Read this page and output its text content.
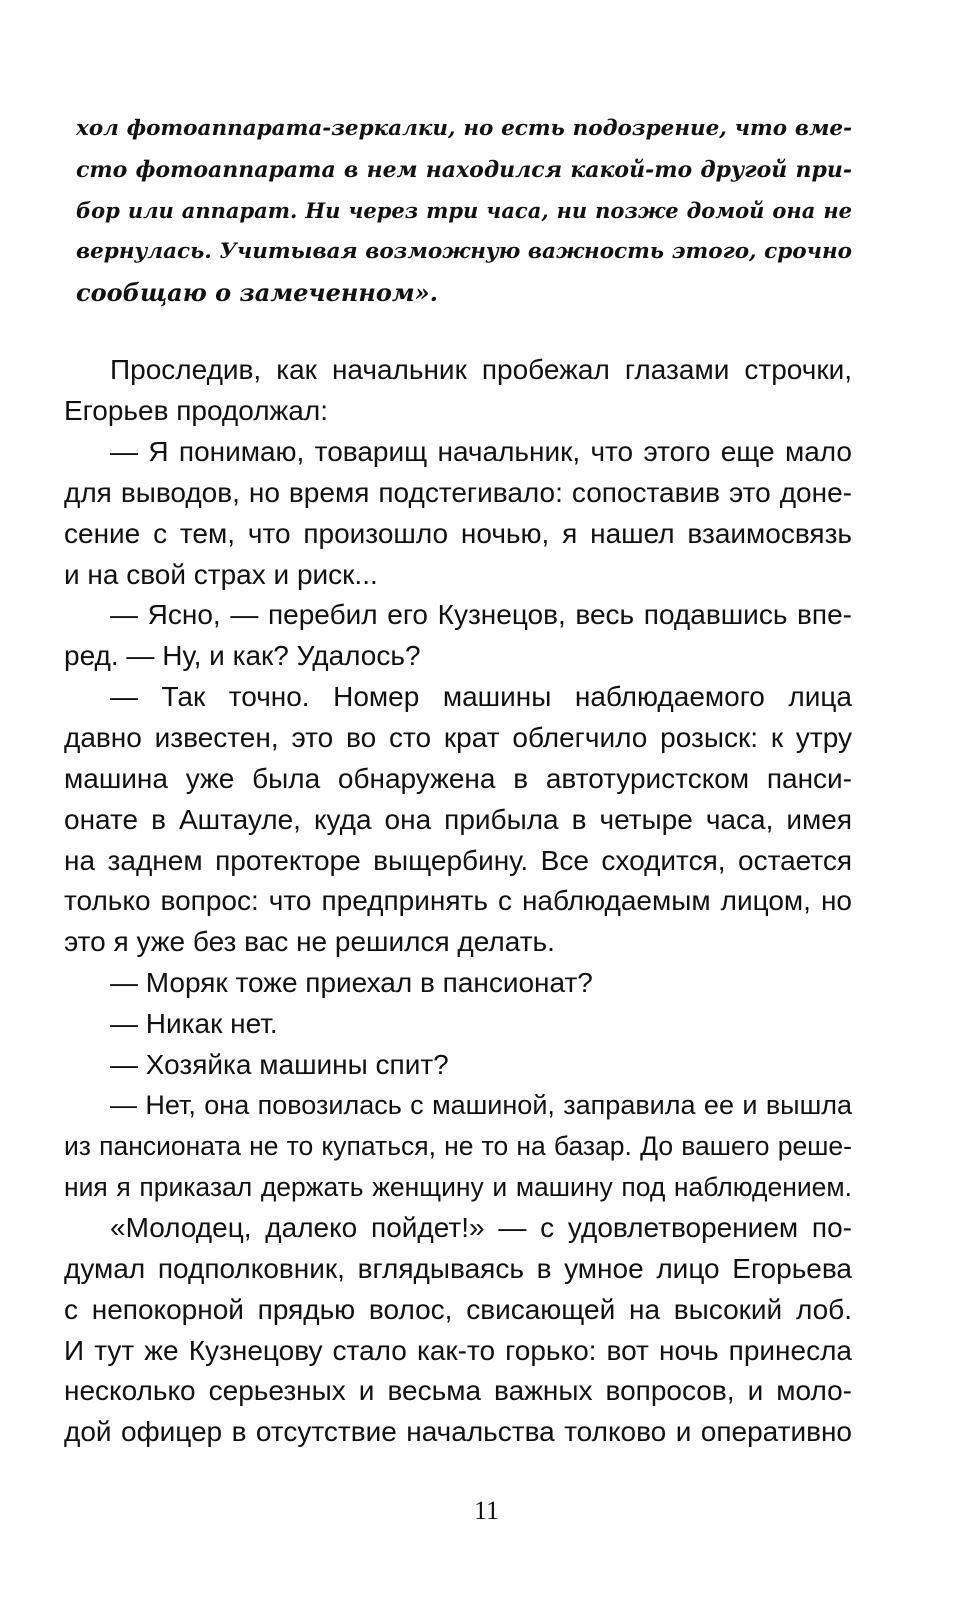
хол фотоаппарата-зеркалки, но есть подозрение, что вме-
сто фотоаппарата в нем находился какой-то другой при-
бор или аппарат. Ни через три часа, ни позже домой она не
вернулась. Учитывая возможную важность этого, срочно
сообщаю о замеченном».
Проследив, как начальник пробежал глазами строчки,
Егорьев продолжал:
— Я понимаю, товарищ начальник, что этого еще мало
для выводов, но время подстегивало: сопоставив это доне-
сение с тем, что произошло ночью, я нашел взаимосвязь
и на свой страх и риск...
— Ясно, — перебил его Кузнецов, весь подавшись впе-
ред. — Ну, и как? Удалось?
— Так точно. Номер машины наблюдаемого лица
давно известен, это во сто крат облегчило розыск: к утру
машина уже была обнаружена в автотуристском панси-
онате в Аштауле, куда она прибыла в четыре часа, имея
на заднем протекторе выщербину. Все сходится, остается
только вопрос: что предпринять с наблюдаемым лицом, но
это я уже без вас не решился делать.
— Моряк тоже приехал в пансионат?
— Никак нет.
— Хозяйка машины спит?
— Нет, она повозилась с машиной, заправила ее и вышла
из пансионата не то купаться, не то на базар. До вашего реше-
ния я приказал держать женщину и машину под наблюдением.
«Молодец, далеко пойдет!» — с удовлетворением по-
думал подполковник, вглядываясь в умное лицо Егорьева
с непокорной прядью волос, свисающей на высокий лоб.
И тут же Кузнецову стало как-то горько: вот ночь принесла
несколько серьезных и весьма важных вопросов, и моло-
дой офицер в отсутствие начальства толково и оперативно
11
